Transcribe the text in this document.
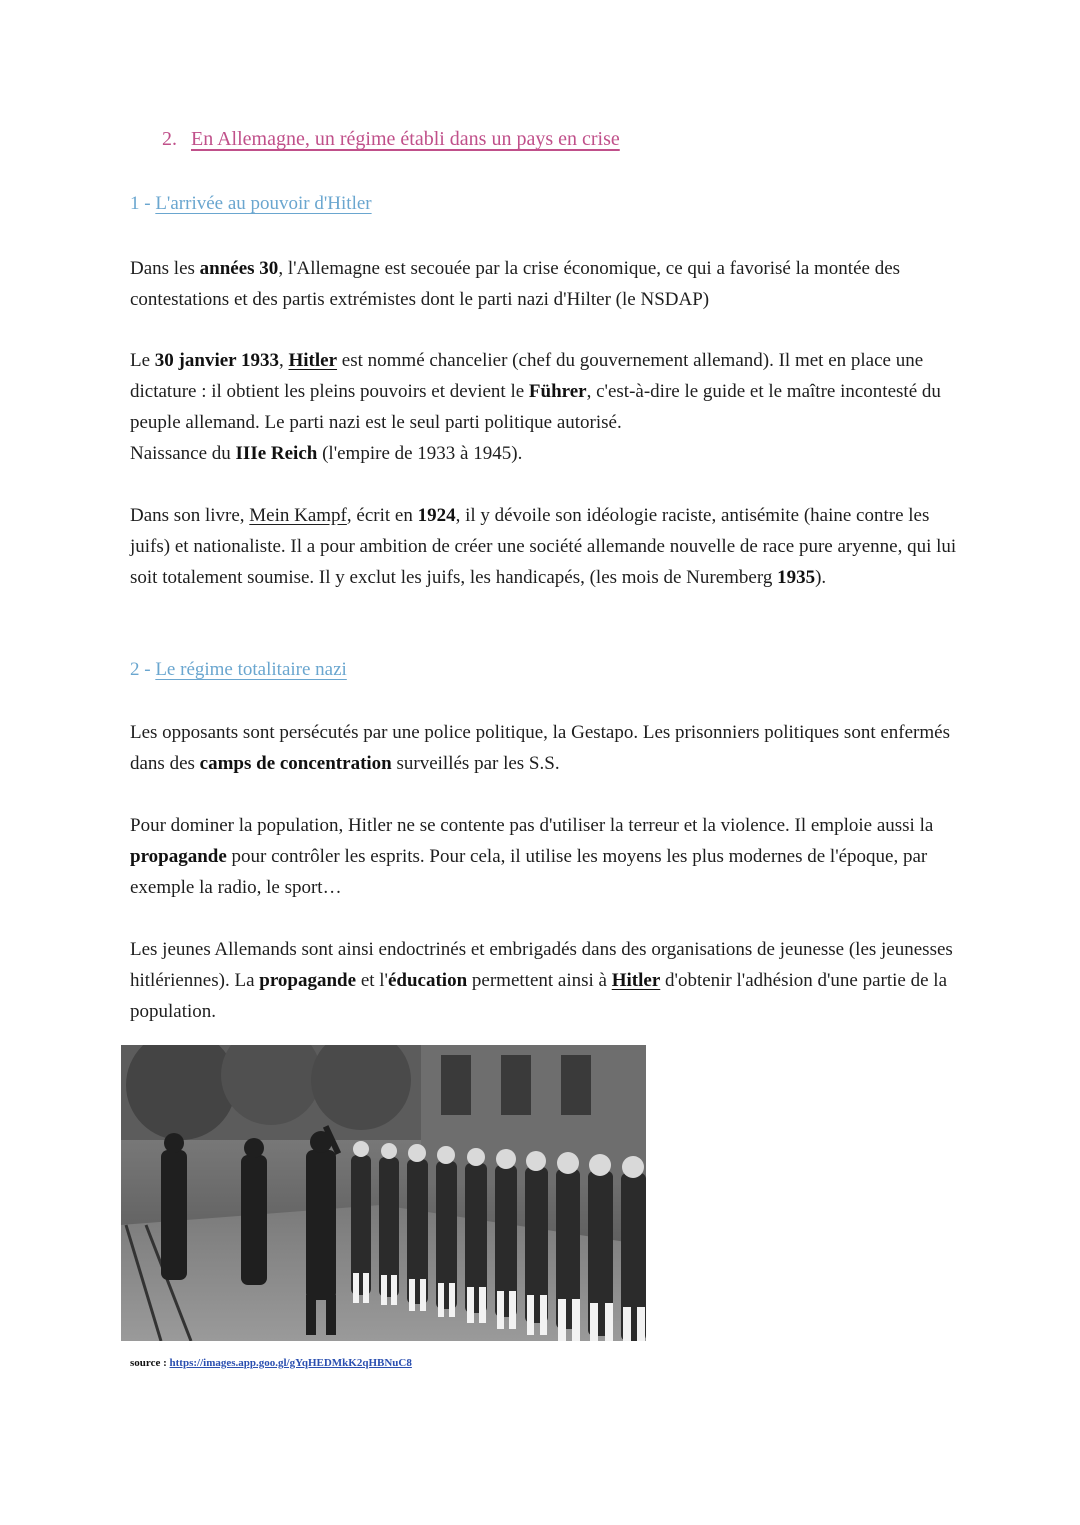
2. En Allemagne, un régime établi dans un pays en crise
1 - L'arrivée au pouvoir d'Hitler

Dans les années 30, l'Allemagne est secouée par la crise économique, ce qui a favorisé la montée des contestations et des partis extrémistes dont le parti nazi d'Hilter (le NSDAP)

Le 30 janvier 1933, Hitler est nommé chancelier (chef du gouvernement allemand). Il met en place une dictature : il obtient les pleins pouvoirs et devient le Führer, c'est-à-dire le guide et le maître incontesté du peuple allemand. Le parti nazi est le seul parti politique autorisé.
Naissance du IIIe Reich (l'empire de 1933 à 1945).

Dans son livre, Mein Kampf, écrit en 1924, il y dévoile son idéologie raciste, antisémite (haine contre les juifs) et nationaliste. Il a pour ambition de créer une société allemande nouvelle de race pure aryenne, qui lui soit totalement soumise. Il y exclut les juifs, les handicapés, (les mois de Nuremberg 1935).

2 - Le régime totalitaire nazi

Les opposants sont persécutés par une police politique, la Gestapo. Les prisonniers politiques sont enfermés dans des camps de concentration surveillés par les S.S.

Pour dominer la population, Hitler ne se contente pas d'utiliser la terreur et la violence. Il emploie aussi la propagande pour contrôler les esprits. Pour cela, il utilise les moyens les plus modernes de l'époque, par exemple la radio, le sport…

Les jeunes Allemands sont ainsi endoctrinés et embrigadés dans des organisations de jeunesse (les jeunesses hitlériennes). La propagande et l'éducation permettent ainsi à Hitler d'obtenir l'adhésion d'une partie de la population.

source : https://images.app.goo.gl/gYqHEDMkK2qHBNuC8
